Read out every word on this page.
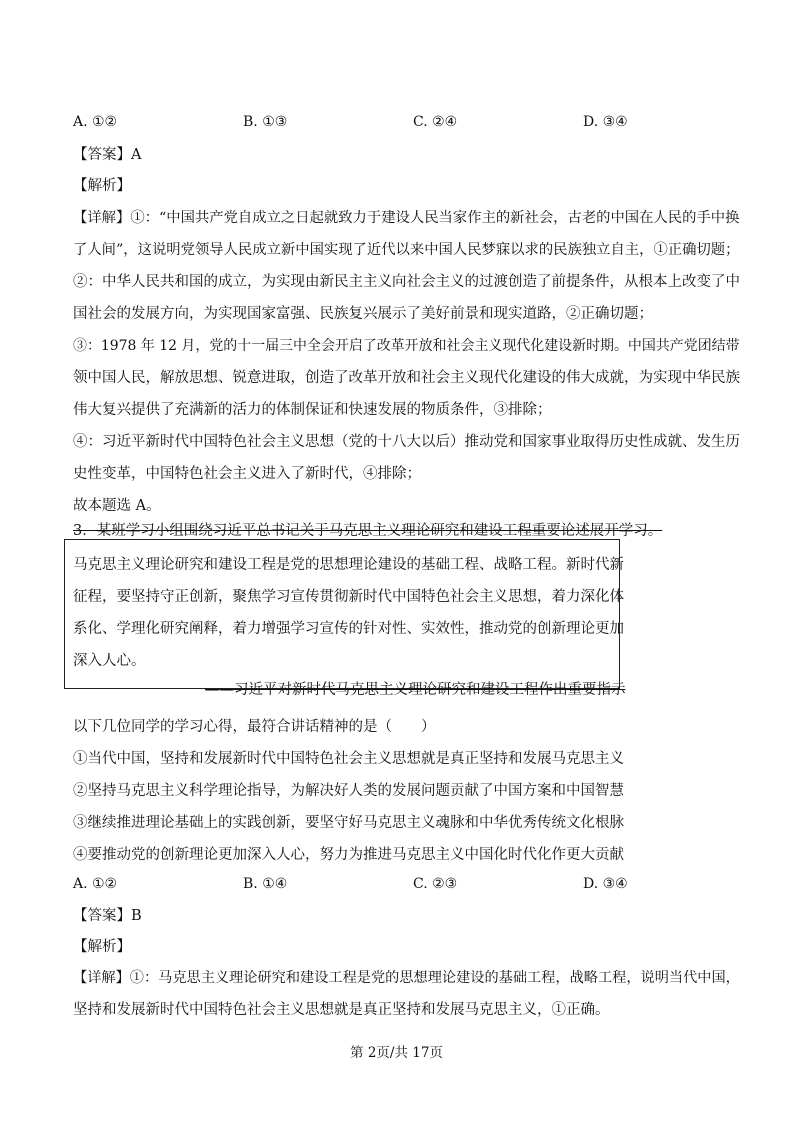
A. ①②	B. ①③	C. ②④	D. ③④
【答案】A
【解析】
【详解】①：“中国共产党自成立之日起就致力于建设人民当家作主的新社会，古老的中国在人民的手中换
了人间”，这说明党领导人民成立新中国实现了近代以来中国人民梦寐以求的民族独立自主，①正确切题；
②：中华人民共和国的成立，为实现由新民主主义向社会主义的过渡创造了前提条件，从根本上改变了中
国社会的发展方向，为实现国家富强、民族复兴展示了美好前景和现实道路，②正确切题；
③：1978 年 12 月，党的十一届三中全会开启了改革开放和社会主义现代化建设新时期。中国共产党团结带
领中国人民，解放思想、锐意进取，创造了改革开放和社会主义现代化建设的伟大成就，为实现中华民族
伟大复兴提供了充满新的活力的体制保证和快速发展的物质条件，③排除；
④：习近平新时代中国特色社会主义思想（党的十八大以后）推动党和国家事业取得历史性成就、发生历
史性变革，中国特色社会主义进入了新时代，④排除；
故本题选 A。
3．某班学习小组围绕习近平总书记关于马克思主义理论研究和建设工程重要论述展开学习。
马克思主义理论研究和建设工程是党的思想理论建设的基础工程、战略工程。新时代新
征程，要坚持守正创新，聚焦学习宣传贯彻新时代中国特色社会主义思想，着力深化体
系化、学理化研究阐释，着力增强学习宣传的针对性、实效性，推动党的创新理论更加
深入人心。
——习近平对新时代马克思主义理论研究和建设工程作出重要指示
以下几位同学的学习心得，最符合讲话精神的是（　　）
①当代中国，坚持和发展新时代中国特色社会主义思想就是真正坚持和发展马克思主义
②坚持马克思主义科学理论指导，为解决好人类的发展问题贡献了中国方案和中国智慧
③继续推进理论基础上的实践创新，要坚守好马克思主义魂脉和中华优秀传统文化根脉
④要推动党的创新理论更加深入人心，努力为推进马克思主义中国化时代化作更大贡献
A. ①②	B. ①④	C. ②③	D. ③④
【答案】B
【解析】
【详解】①：马克思主义理论研究和建设工程是党的思想理论建设的基础工程，战略工程，说明当代中国，
坚持和发展新时代中国特色社会主义思想就是真正坚持和发展马克思主义，①正确。
第 2页/共 17页
